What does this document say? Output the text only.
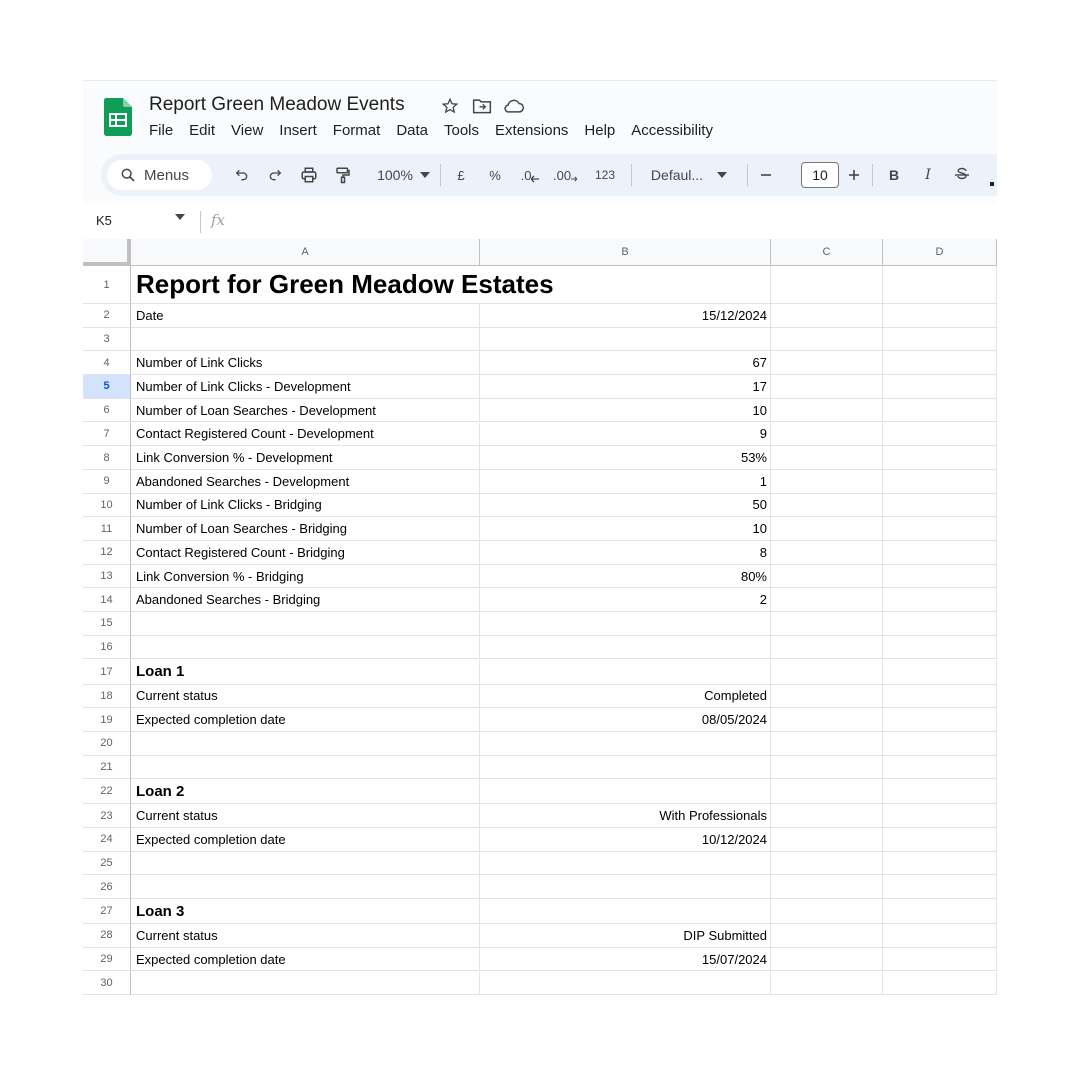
Report Green Meadow Events
File	Edit	View	Insert	Format	Data	Tools	Extensions	Help	Accessibility
Menus	100%	£	% .0 .00 123	Defaul...	10	B	I
K5	fx
A	B	C	D
1	Report for Green Meadow Estates
2	Date	15/12/2024
3
4	Number of Link Clicks	67
5	Number of Link Clicks - Development	17
6	Number of Loan Searches - Development	10
7	Contact Registered Count - Development	9
8	Link Conversion % - Development	53%
9	Abandoned Searches - Development	1
10	Number of Link Clicks - Bridging	50
11	Number of Loan Searches - Bridging	10
12	Contact Registered Count - Bridging	8
13	Link Conversion % - Bridging	80%
14	Abandoned Searches - Bridging	2
15
16
17	Loan 1
18	Current status	Completed
19	Expected completion date	08/05/2024
20
21
22	Loan 2
23	Current status	With Professionals
24	Expected completion date	10/12/2024
25
26
27	Loan 3
28	Current status	DIP Submitted
29	Expected completion date	15/07/2024
30
